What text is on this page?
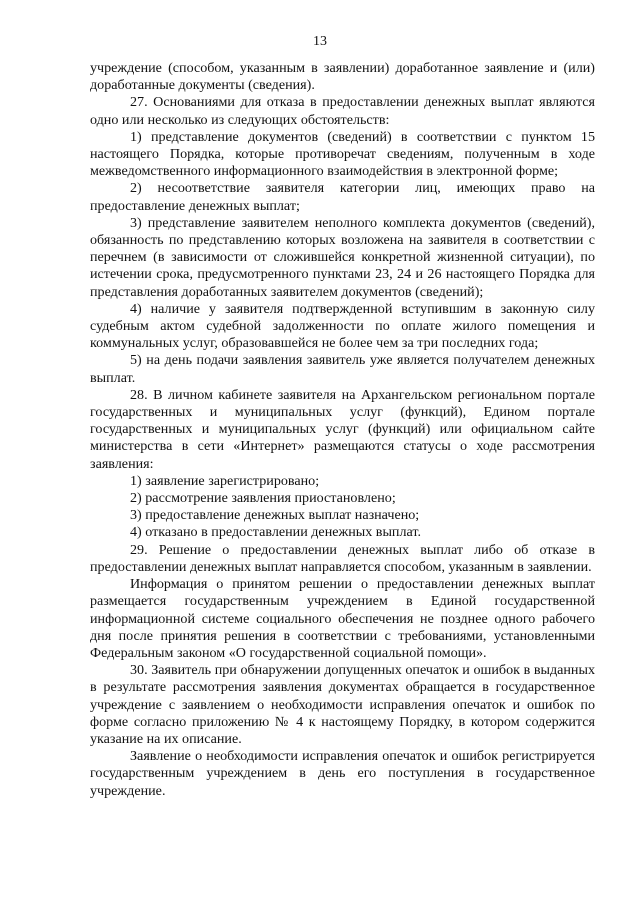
13

учреждение (способом, указанным в заявлении) доработанное заявление и (или) доработанные документы (сведения).

27. Основаниями для отказа в предоставлении денежных выплат являются одно или несколько из следующих обстоятельств:

1) представление документов (сведений) в соответствии с пунктом 15 настоящего Порядка, которые противоречат сведениям, полученным в ходе межведомственного информационного взаимодействия в электронной форме;

2) несоответствие заявителя категории лиц, имеющих право на предоставление денежных выплат;

3) представление заявителем неполного комплекта документов (сведений), обязанность по представлению которых возложена на заявителя в соответствии с перечнем (в зависимости от сложившейся конкретной жизненной ситуации), по истечении срока, предусмотренного пунктами 23, 24 и 26 настоящего Порядка для представления доработанных заявителем документов (сведений);

4) наличие у заявителя подтвержденной вступившим в законную силу судебным актом судебной задолженности по оплате жилого помещения и коммунальных услуг, образовавшейся не более чем за три последних года;

5) на день подачи заявления заявитель уже является получателем денежных выплат.

28. В личном кабинете заявителя на Архангельском региональном портале государственных и муниципальных услуг (функций), Едином портале государственных и муниципальных услуг (функций) или официальном сайте министерства в сети «Интернет» размещаются статусы о ходе рассмотрения заявления:

1) заявление зарегистрировано;

2) рассмотрение заявления приостановлено;

3) предоставление денежных выплат назначено;

4) отказано в предоставлении денежных выплат.

29. Решение о предоставлении денежных выплат либо об отказе в предоставлении денежных выплат направляется способом, указанным в заявлении.

Информация о принятом решении о предоставлении денежных выплат размещается государственным учреждением в Единой государственной информационной системе социального обеспечения не позднее одного рабочего дня после принятия решения в соответствии с требованиями, установленными Федеральным законом «О государственной социальной помощи».

30. Заявитель при обнаружении допущенных опечаток и ошибок в выданных в результате рассмотрения заявления документах обращается в государственное учреждение с заявлением о необходимости исправления опечаток и ошибок по форме согласно приложению № 4 к настоящему Порядку, в котором содержится указание на их описание.

Заявление о необходимости исправления опечаток и ошибок регистрируется государственным учреждением в день его поступления в государственное учреждение.
